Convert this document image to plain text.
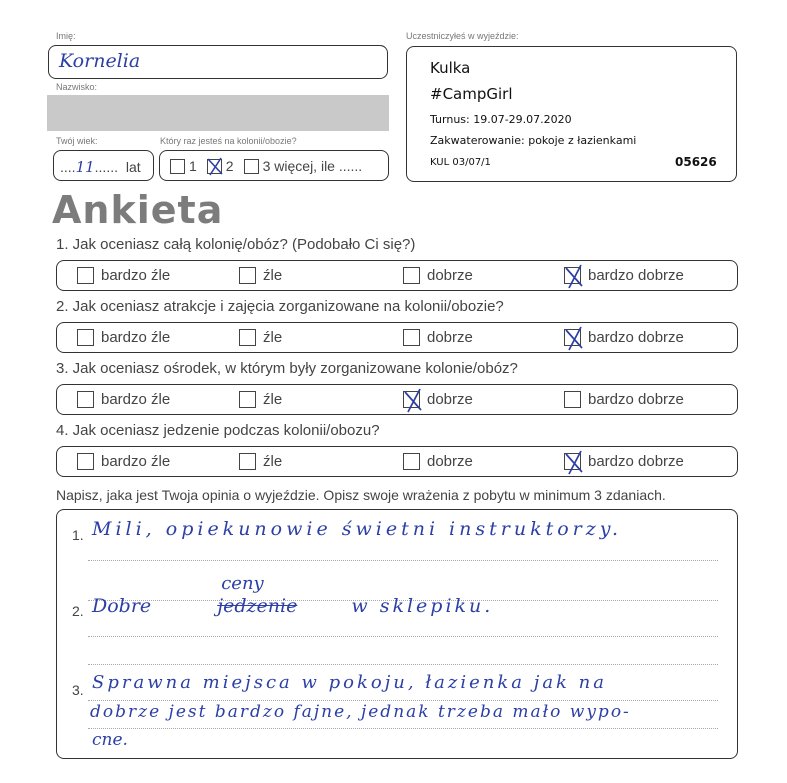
Imię:
Kornelia
Nazwisko:
Twój wiek:
....11...... lat
Który raz jesteś na kolonii/obozie?
1 2 3 więcej, ile ......
Uczestniczyłeś w wyjeździe:
Kulka
#CampGirl
Turnus: 19.07-29.07.2020
Zakwaterowanie: pokoje z łazienkami
KUL 03/07/1	05626
Ankieta
1. Jak oceniasz całą kolonię/obóz? (Podobało Ci się?)
bardzo źle	źle	dobrze	bardzo dobrze
2. Jak oceniasz atrakcje i zajęcia zorganizowane na kolonii/obozie?
bardzo źle	źle	dobrze	bardzo dobrze
3. Jak oceniasz ośrodek, w którym były zorganizowane kolonie/obóz?
bardzo źle	źle	dobrze	bardzo dobrze
4. Jak oceniasz jedzenie podczas kolonii/obozu?
bardzo źle	źle	dobrze	bardzo dobrze
Napisz, jaka jest Twoja opinia o wyjeździe. Opisz swoje wrażenia z pobytu w minimum 3 zdaniach.
1. Mili, opiekunowie świetni instruktorzy.
2. Dobre
ceny
jedzenie	w sklepiku.
3. Sprawna miejsca w pokoju, łazienka jak na
dobrze jest bardzo fajne, jednak trzeba mało wypo-
cne.
